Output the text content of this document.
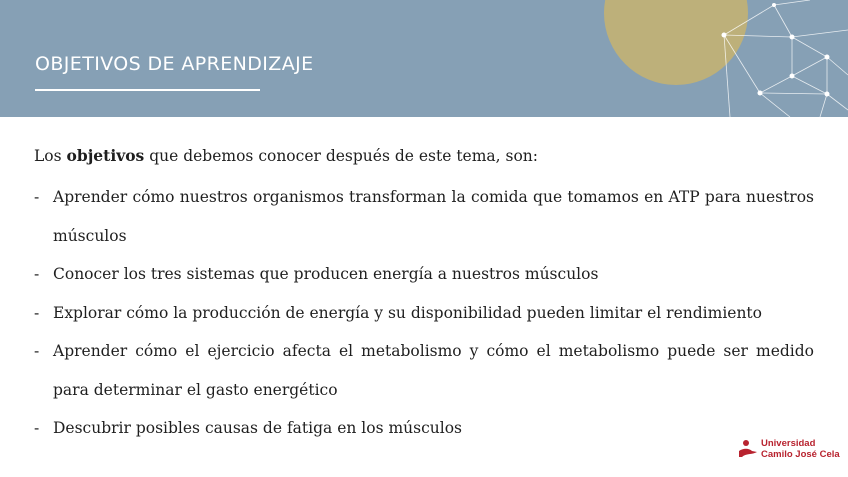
OBJETIVOS DE APRENDIZAJE

Los objetivos que debemos conocer después de este tema, son:

- Aprender cómo nuestros organismos transforman la comida que tomamos en ATP para nuestros músculos
- Conocer los tres sistemas que producen energía a nuestros músculos
- Explorar cómo la producción de energía y su disponibilidad pueden limitar el rendimiento
- Aprender cómo el ejercicio afecta el metabolismo y cómo el metabolismo puede ser medido para determinar el gasto energético
- Descubrir posibles causas de fatiga en los músculos
Universidad
Camilo José Cela
